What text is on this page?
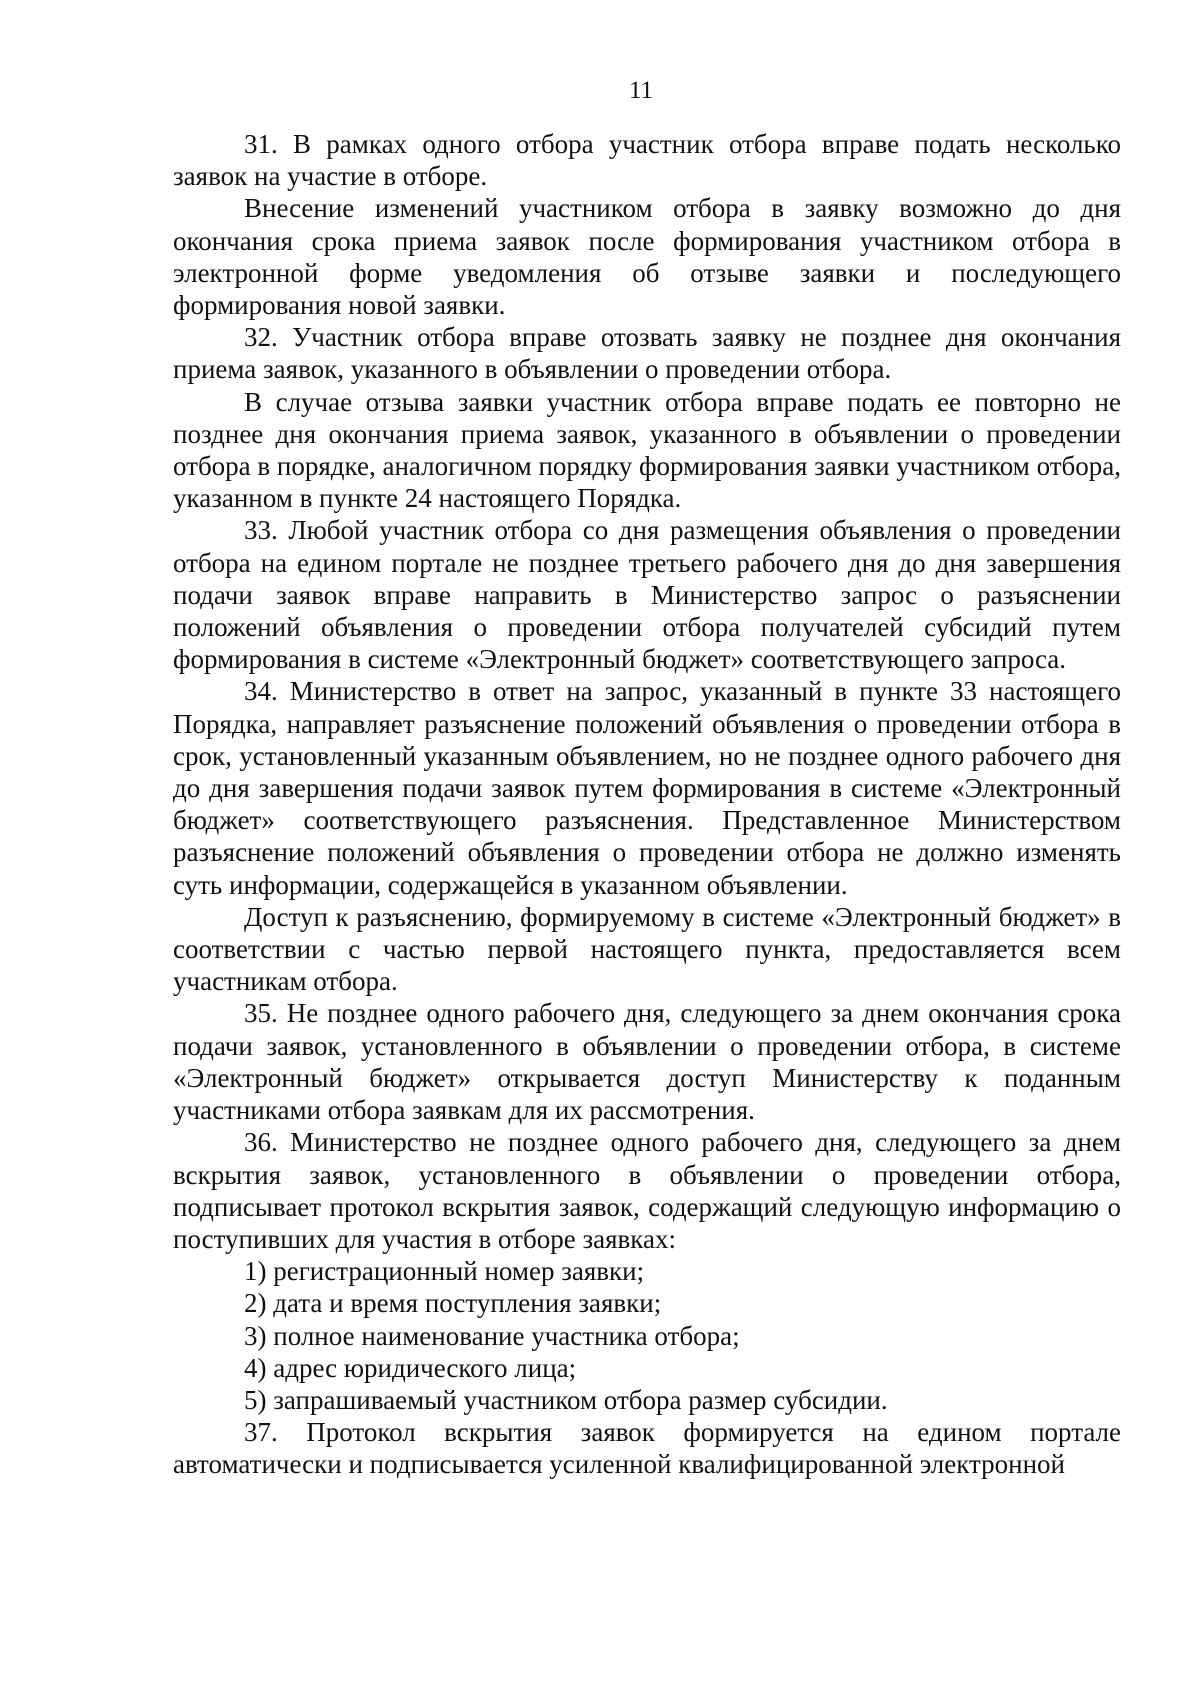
11

31. В рамках одного отбора участник отбора вправе подать несколько заявок на участие в отборе.

Внесение изменений участником отбора в заявку возможно до дня окончания срока приема заявок после формирования участником отбора в электронной форме уведомления об отзыве заявки и последующего формирования новой заявки.

32. Участник отбора вправе отозвать заявку не позднее дня окончания приема заявок, указанного в объявлении о проведении отбора.

В случае отзыва заявки участник отбора вправе подать ее повторно не позднее дня окончания приема заявок, указанного в объявлении о проведении отбора в порядке, аналогичном порядку формирования заявки участником отбора, указанном в пункте 24 настоящего Порядка.

33. Любой участник отбора со дня размещения объявления о проведении отбора на едином портале не позднее третьего рабочего дня до дня завершения подачи заявок вправе направить в Министерство запрос о разъяснении положений объявления о проведении отбора получателей субсидий путем формирования в системе «Электронный бюджет» соответствующего запроса.

34. Министерство в ответ на запрос, указанный в пункте 33 настоящего Порядка, направляет разъяснение положений объявления о проведении отбора в срок, установленный указанным объявлением, но не позднее одного рабочего дня до дня завершения подачи заявок путем формирования в системе «Электронный бюджет» соответствующего разъяснения. Представленное Министерством разъяснение положений объявления о проведении отбора не должно изменять суть информации, содержащейся в указанном объявлении.

Доступ к разъяснению, формируемому в системе «Электронный бюджет» в соответствии с частью первой настоящего пункта, предоставляется всем участникам отбора.

35. Не позднее одного рабочего дня, следующего за днем окончания срока подачи заявок, установленного в объявлении о проведении отбора, в системе «Электронный бюджет» открывается доступ Министерству к поданным участниками отбора заявкам для их рассмотрения.

36. Министерство не позднее одного рабочего дня, следующего за днем вскрытия заявок, установленного в объявлении о проведении отбора, подписывает протокол вскрытия заявок, содержащий следующую информацию о поступивших для участия в отборе заявках:

1) регистрационный номер заявки;

2) дата и время поступления заявки;

3) полное наименование участника отбора;

4) адрес юридического лица;

5) запрашиваемый участником отбора размер субсидии.

37. Протокол вскрытия заявок формируется на едином портале автоматически и подписывается усиленной квалифицированной электронной
